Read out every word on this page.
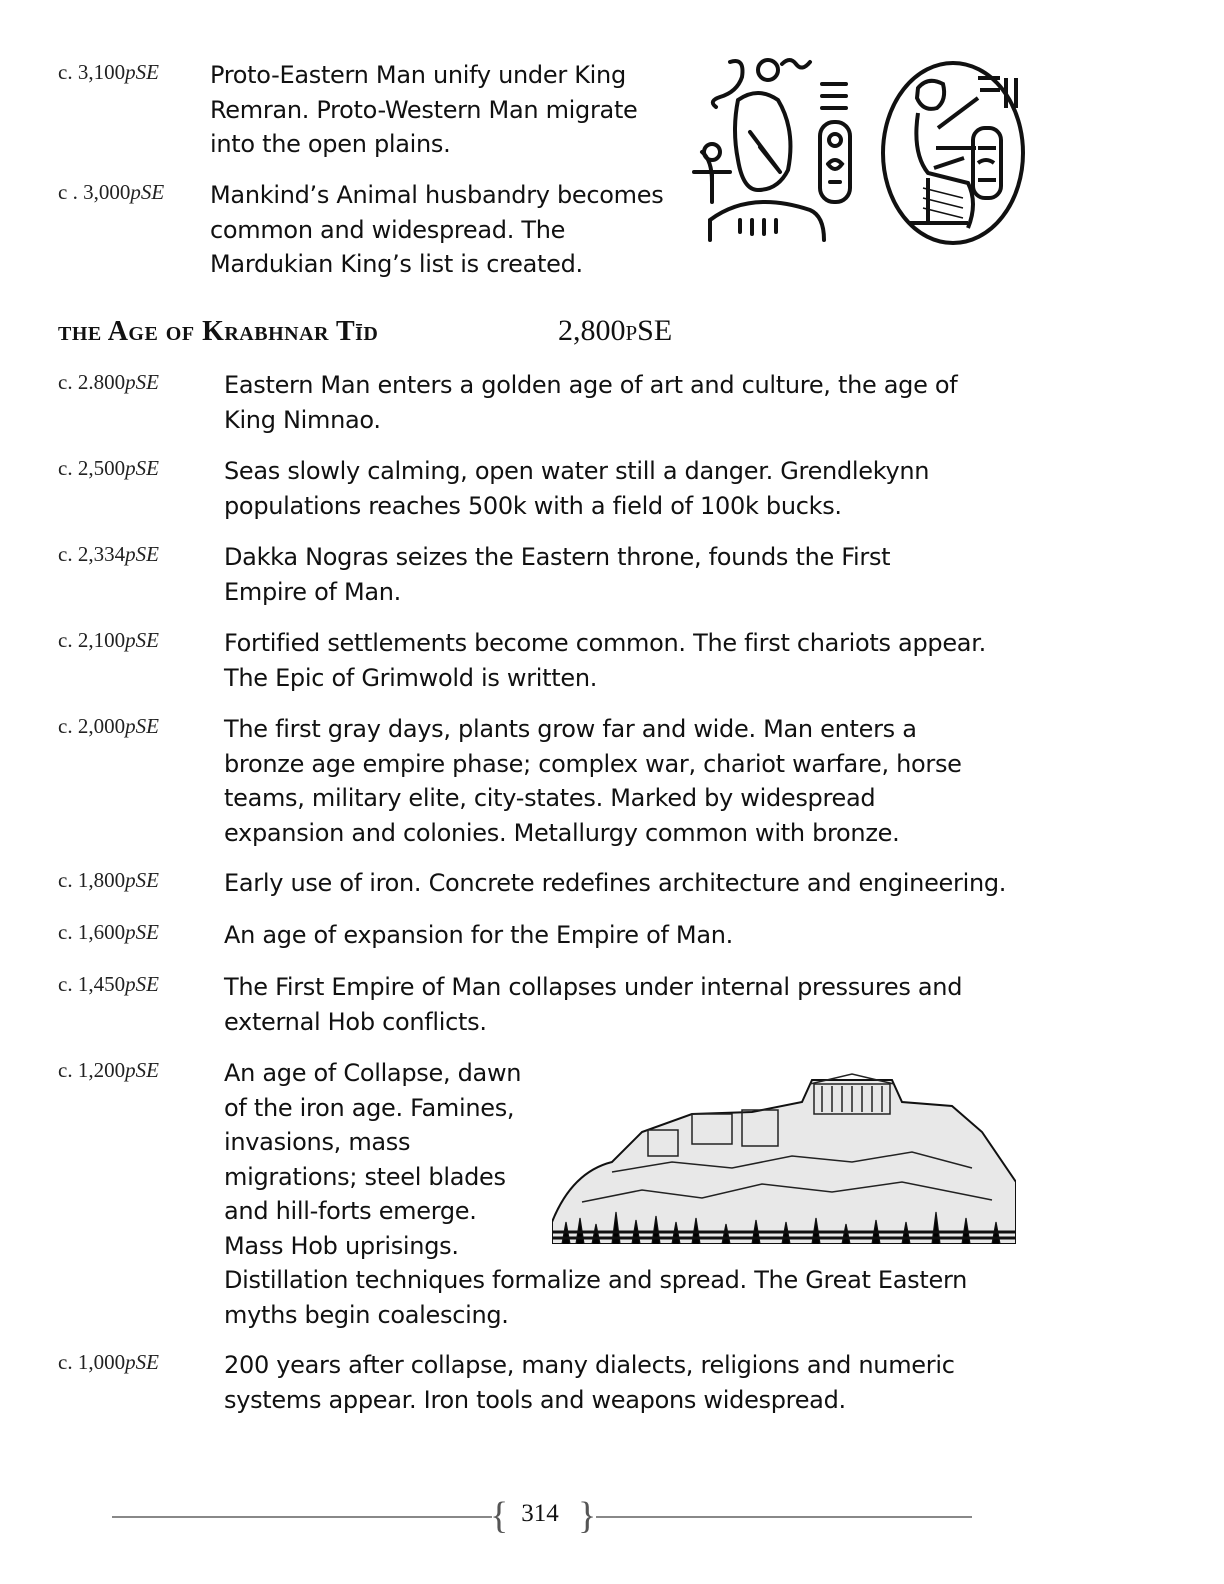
c. 3,100pSE Proto-Eastern Man unify under King
Remran. Proto-Western Man migrate
into the open plains.
c . 3,000pSE Mankind’s Animal husbandry becomes
common and widespread. The
Mardukian King’s list is created.
the Age of Krabhnar Tīd	2,800pSE
c. 2.800pSE	Eastern Man enters a golden age of art and culture, the age of
King Nimnao.
c. 2,500pSE	Seas slowly calming, open water still a danger. Grendlekynn
populations reaches 500k with a field of 100k bucks.
c. 2,334pSE	Dakka Nogras seizes the Eastern throne, founds the First
Empire of Man.
c. 2,100pSE	Fortified settlements become common. The first chariots appear.
The Epic of Grimwold is written.
c. 2,000pSE	The first gray days, plants grow far and wide. Man enters a
bronze age empire phase; complex war, chariot warfare, horse
teams, military elite, city-states. Marked by widespread
expansion and colonies. Metallurgy common with bronze.
c. 1,800pSE	Early use of iron. Concrete redefines architecture and engineering.
c. 1,600pSE	An age of expansion for the Empire of Man.
c. 1,450pSE	The First Empire of Man collapses under internal pressures and
external Hob conflicts.
c. 1,200pSE	An age of Collapse, dawn
of the iron age. Famines,
invasions, mass
migrations; steel blades
and hill-forts emerge.
Mass Hob uprisings.
Distillation techniques formalize and spread. The Great Eastern
myths begin coalescing.
c. 1,000pSE	200 years after collapse, many dialects, religions and numeric
systems appear. Iron tools and weapons widespread.
{ 314 }
